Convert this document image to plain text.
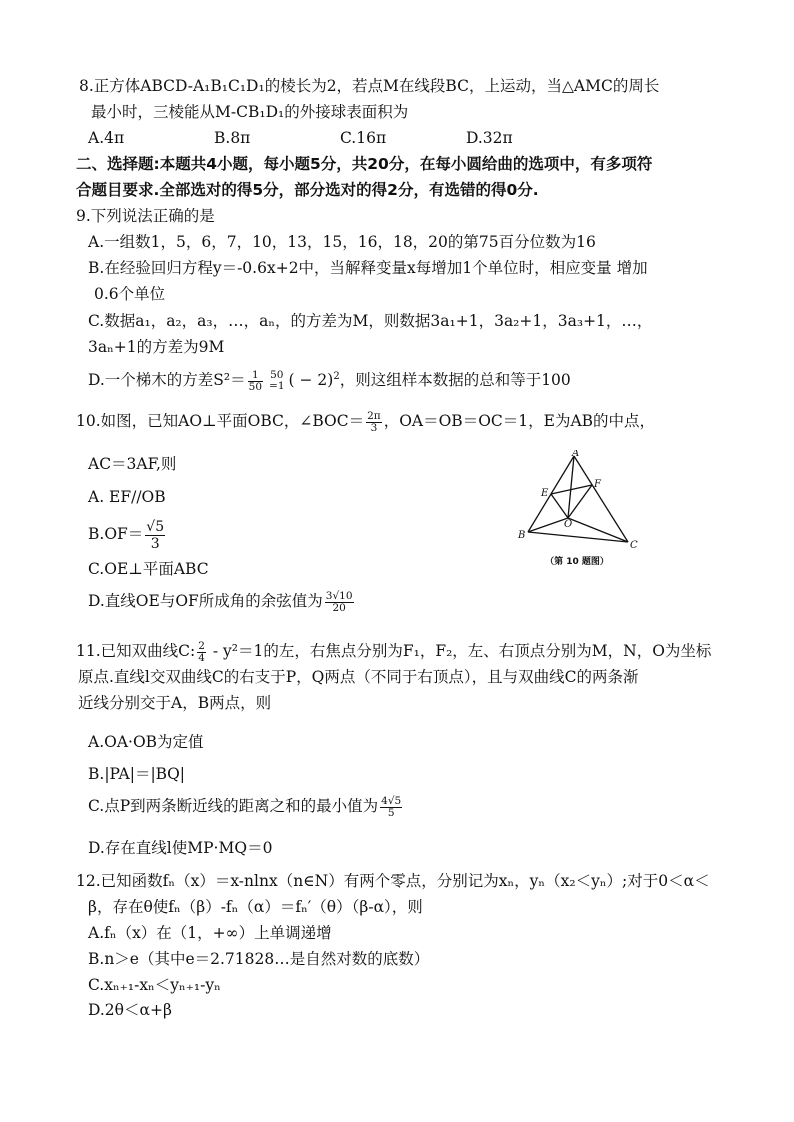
8.正方体ABCD-A₁B₁C₁D₁的棱长为2，若点M在线段BC，上运动，当△AMC的周长
最小时，三棱能从M-CB₁D₁的外接球表面积为
A.4π	B.8π	C.16π	D.32π
二、选择题:本题共4小题，每小题5分，共20分，在每小圆给曲的选项中，有多项符
合题目要求.全部选对的得5分，部分选对的得2分，有选错的得0分.
9.下列说法正确的是
A.一组数1，5，6，7，10，13，15，16，18，20的第75百分位数为16
B.在经验回归方程y＝-0.6x+2中，当解释变量x每增加1个单位时，相应变量 增加
0.6个单位
C.数据a₁，a₂，a₃，…，aₙ，的方差为M，则数据3a₁+1，3a₂+1，3a₃+1，…，
3aₙ+1的方差为9M
D.一个梯木的方差$S^2= \frac{1}{50} 50$
=1 ( − 2)$^2$，则这组样本数据的总和等于100
10.如图，已知AO⊥平面OBC，∠BOC＝ $\frac{2\pi}{3}$ ，OA＝OB＝OC＝1，E为AB的中点，
AC＝3AF,则
A. EF//OB
$B.OF= \frac{√5}{3}$
C.OE⊥平面ABC
D.直线OE与OF所成角的余弦值为 $\frac{3√10}{20}$
A
B
C
E
F
O
（第 10 题图）
11.已知双曲线C: $\frac{2}{4} - y^2=1$的左，右焦点分别为F₁，F₂，左、右顶点分别为M，N，O为坐标
原点.直线l交双曲线C的右支于P，Q两点（不同于右顶点），且与双曲线C的两条渐
近线分别交于A，B两点，则
A.OA·OB为定值
B.|PA|＝|BQ|
C.点P到两条断近线的距离之和的最小值为 $\frac{4√5}{5}$
D.存在直线l使MP·MQ＝0
12.已知函数fₙ（x）＝x-nlnx（n∈N）有两个零点，分别记为xₙ，yₙ（x₂＜yₙ）;对于0＜α＜
β，存在θ使fₙ（β）-fₙ（α）＝fₙ′（θ）（β-α），则
A.fₙ（x）在（1，+∞）上单调递增
B.n＞e（其中e＝2.71828…是自然对数的底数）
C.xₙ₊₁-xₙ＜yₙ₊₁-yₙ
D.2θ＜α+β
